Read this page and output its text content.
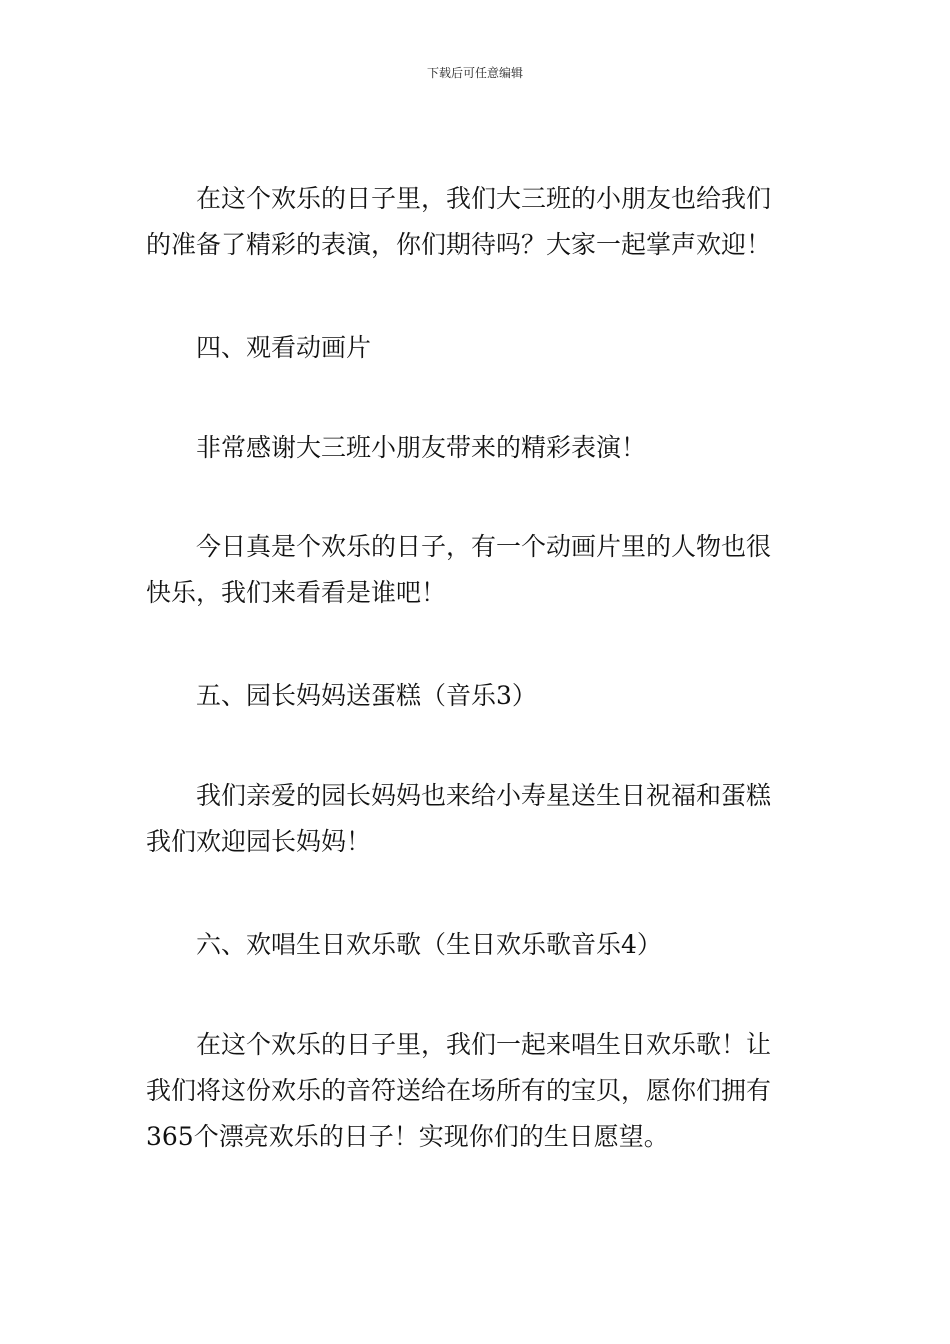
下载后可任意编辑

在这个欢乐的日子里，我们大三班的小朋友也给我们
的准备了精彩的表演，你们期待吗？大家一起掌声欢迎！

四、观看动画片

非常感谢大三班小朋友带来的精彩表演！

今日真是个欢乐的日子，有一个动画片里的人物也很
快乐，我们来看看是谁吧！

五、园长妈妈送蛋糕（音乐3）

我们亲爱的园长妈妈也来给小寿星送生日祝福和蛋糕
我们欢迎园长妈妈！

六、欢唱生日欢乐歌（生日欢乐歌音乐4）

在这个欢乐的日子里，我们一起来唱生日欢乐歌！让
我们将这份欢乐的音符送给在场所有的宝贝，愿你们拥有
365个漂亮欢乐的日子！实现你们的生日愿望。
